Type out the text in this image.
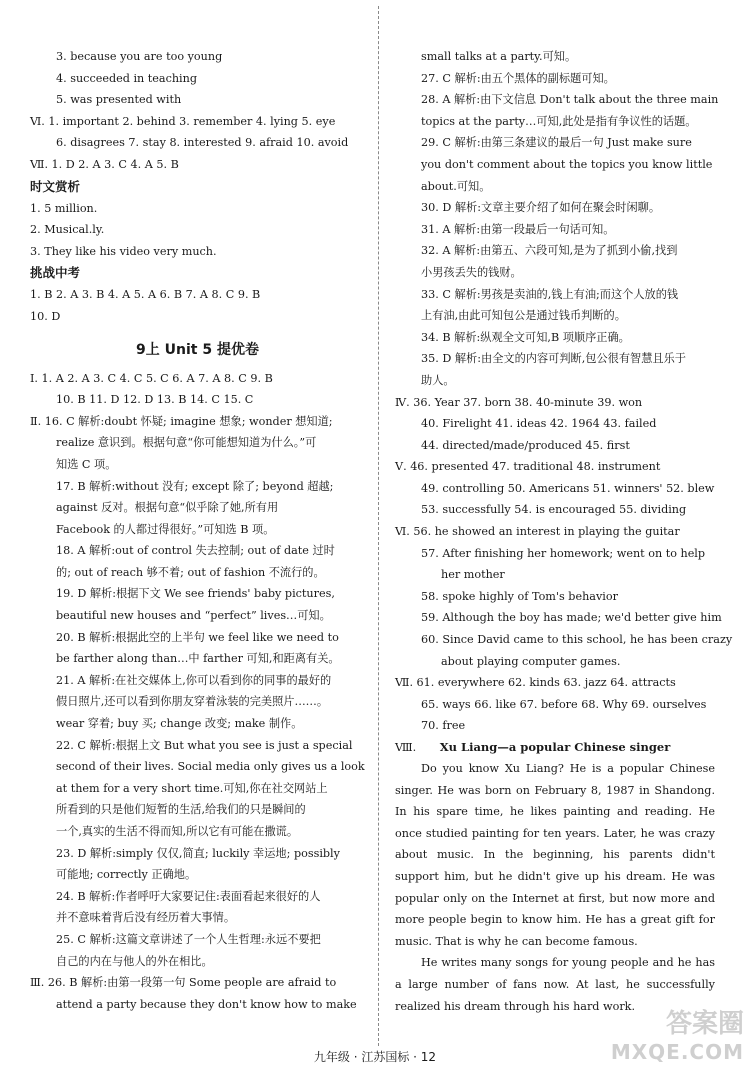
3. because you are too young
4. succeeded in teaching
5. was presented with
Ⅵ. 1. important 2. behind 3. remember 4. lying 5. eye
6. disagrees 7. stay 8. interested 9. afraid 10. avoid
Ⅶ. 1. D 2. A 3. C 4. A 5. B
时文赏析
1. 5 million.
2. Musical.ly.
3. They like his video very much.
挑战中考
1. B 2. A 3. B 4. A 5. A 6. B 7. A 8. C 9. B
10. D
9上 Unit 5 提优卷
Ⅰ. 1. A 2. A 3. C 4. C 5. C 6. A 7. A 8. C 9. B
10. B 11. D 12. D 13. B 14. C 15. C
Ⅱ. 16. C 解析:doubt 怀疑; imagine 想象; wonder 想知道;
realize 意识到。根据句意“你可能想知道为什么。”可
知选 C 项。
17. B 解析:without 没有; except 除了; beyond 超越;
against 反对。根据句意“似乎除了她,所有用
Facebook 的人都过得很好。”可知选 B 项。
18. A 解析:out of control 失去控制; out of date 过时
的; out of reach 够不着; out of fashion 不流行的。
19. D 解析:根据下文 We see friends' baby pictures,
beautiful new houses and “perfect” lives…可知。
20. B 解析:根据此空的上半句 we feel like we need to
be farther along than…中 farther 可知,和距离有关。
21. A 解析:在社交媒体上,你可以看到你的同事的最好的
假日照片,还可以看到你朋友穿着泳装的完美照片……。
wear 穿着; buy 买; change 改变; make 制作。
22. C 解析:根据上文 But what you see is just a special
second of their lives. Social media only gives us a look
at them for a very short time.可知,你在社交网站上
所看到的只是他们短暂的生活,给我们的只是瞬间的
一个,真实的生活不得而知,所以它有可能在撒谎。
23. D 解析:simply 仅仅,简直; luckily 幸运地; possibly
可能地; correctly 正确地。
24. B 解析:作者呼吁大家要记住:表面看起来很好的人
并不意味着背后没有经历着大事情。
25. C 解析:这篇文章讲述了一个人生哲理:永远不要把
自己的内在与他人的外在相比。
Ⅲ. 26. B 解析:由第一段第一句 Some people are afraid to
attend a party because they don't know how to make
small talks at a party.可知。
27. C 解析:由五个黑体的副标题可知。
28. A 解析:由下文信息 Don't talk about the three main
topics at the party…可知,此处是指有争议性的话题。
29. C 解析:由第三条建议的最后一句 Just make sure
you don't comment about the topics you know little
about.可知。
30. D 解析:文章主要介绍了如何在聚会时闲聊。
31. A 解析:由第一段最后一句话可知。
32. A 解析:由第五、六段可知,是为了抓到小偷,找到
小男孩丢失的钱财。
33. C 解析:男孩是卖油的,钱上有油;而这个人放的钱
上有油,由此可知包公是通过钱币判断的。
34. B 解析:纵观全文可知,B 项顺序正确。
35. D 解析:由全文的内容可判断,包公很有智慧且乐于
助人。
Ⅳ. 36. Year 37. born 38. 40-minute 39. won
40. Firelight 41. ideas 42. 1964 43. failed
44. directed/made/produced 45. first
Ⅴ. 46. presented 47. traditional 48. instrument
49. controlling 50. Americans 51. winners' 52. blew
53. successfully 54. is encouraged 55. dividing
Ⅵ. 56. he showed an interest in playing the guitar
57. After finishing her homework; went on to help
her mother
58. spoke highly of Tom's behavior
59. Although the boy has made; we'd better give him
60. Since David came to this school, he has been crazy
about playing computer games.
Ⅶ. 61. everywhere 62. kinds 63. jazz 64. attracts
65. ways 66. like 67. before 68. Why 69. ourselves
70. free
Ⅷ.	Xu Liang—a popular Chinese singer
Do you know Xu Liang? He is a popular Chinese singer. He was born on February 8, 1987 in Shandong. In his spare time, he likes painting and reading. He once studied painting for ten years. Later, he was crazy about music. In the beginning, his parents didn't support him, but he didn't give up his dream. He was popular only on the Internet at first, but now more and more people begin to know him. He has a great gift for music. That is why he can become famous.
He writes many songs for young people and he has a large number of fans now. At last, he successfully realized his dream through his hard work.
九年级 · 江苏国标 · 12
答案圈
MXQE.COM
